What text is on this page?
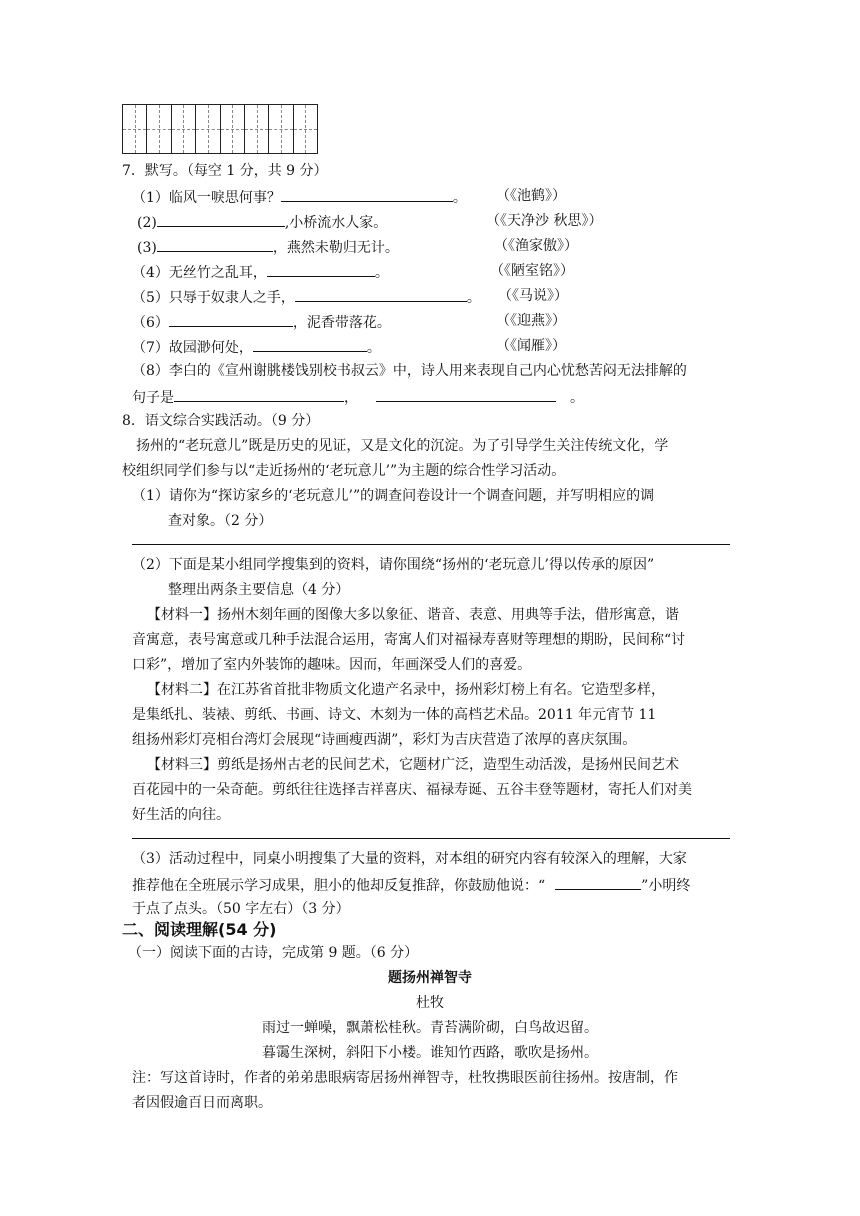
7．默写。（每空 1 分，共 9 分）
（1）临风一唳思何事？	。 （《池鹤》）
(2)	,小桥流水人家。	（《天净沙 秋思》）
(3)	，燕然未勒归无计。	（《渔家傲》）
（4）无丝竹之乱耳，	。	（《陋室铭》）
（5）只辱于奴隶人之手，	。 （《马说》）
（6）	，泥香带落花。	（《迎燕》）
（7）故园渺何处，	。	（《闻雁》）
（8）李白的《宣州谢朓楼饯别校书叔云》中，诗人用来表现自己内心忧愁苦闷无法排解的
句子是	，	。
8．语文综合实践活动。（9 分）
扬州的“老玩意儿”既是历史的见证，又是文化的沉淀。为了引导学生关注传统文化，学
校组织同学们参与以“走近扬州的‘老玩意儿’”为主题的综合性学习活动。
（1）请你为“探访家乡的‘老玩意儿’”的调查问卷设计一个调查问题，并写明相应的调
查对象。（2 分）
（2）下面是某小组同学搜集到的资料，请你围绕“扬州的‘老玩意儿’得以传承的原因”
整理出两条主要信息（4 分）
【材料一】扬州木刻年画的图像大多以象征、谐音、表意、用典等手法，借形寓意，谐
音寓意，表号寓意或几种手法混合运用，寄寓人们对福禄寿喜财等理想的期盼，民间称“讨
口彩”，增加了室内外装饰的趣味。因而，年画深受人们的喜爱。
【材料二】在江苏省首批非物质文化遗产名录中，扬州彩灯榜上有名。它造型多样，
是集纸扎、装裱、剪纸、书画、诗文、木刻为一体的高档艺术品。2011 年元宵节 11
组扬州彩灯亮相台湾灯会展现“诗画瘦西湖”，彩灯为吉庆营造了浓厚的喜庆氛围。
【材料三】剪纸是扬州古老的民间艺术，它题材广泛，造型生动活泼，是扬州民间艺术
百花园中的一朵奇葩。剪纸往往选择吉祥喜庆、福禄寿诞、五谷丰登等题材，寄托人们对美
好生活的向往。
（3）活动过程中，同桌小明搜集了大量的资料，对本组的研究内容有较深入的理解，大家
推荐他在全班展示学习成果，胆小的他却反复推辞，你鼓励他说：“	”小明终
于点了点头。（50 字左右）（3 分）
二、阅读理解(54 分)
（一）阅读下面的古诗，完成第 9 题。（6 分）
题扬州禅智寺
杜牧
雨过一蝉噪，飘萧松桂秋。青苔满阶砌，白鸟故迟留。
暮霭生深树，斜阳下小楼。谁知竹西路，歌吹是扬州。
注：写这首诗时，作者的弟弟患眼病寄居扬州禅智寺，杜牧携眼医前往扬州。按唐制，作
者因假逾百日而离职。
